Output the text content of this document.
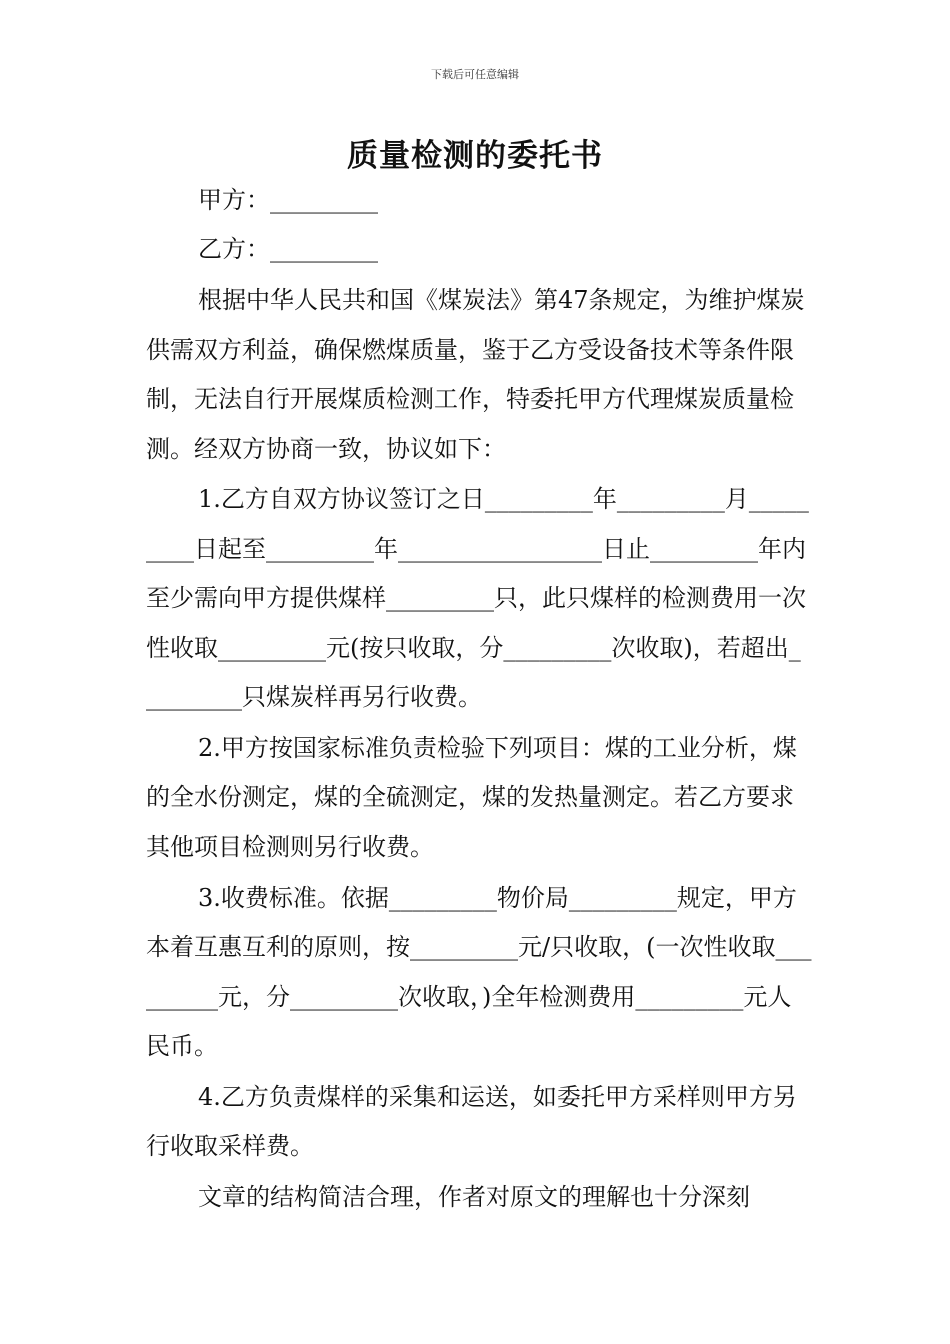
下载后可任意编辑
质量检测的委托书
甲方：_________
乙方：_________
根据中华人民共和国《煤炭法》第47条规定，为维护煤炭供需双方利益，确保燃煤质量，鉴于乙方受设备技术等条件限制，无法自行开展煤质检测工作，特委托甲方代理煤炭质量检测。经双方协商一致，协议如下：
1.乙方自双方协议签订之日_________年_________月_________日起至_________年_________________日止_________年内至少需向甲方提供煤样_________只，此只煤样的检测费用一次性收取_________元(按只收取，分_________次收取)，若超出_________只煤炭样再另行收费。
2.甲方按国家标准负责检验下列项目：煤的工业分析，煤的全水份测定，煤的全硫测定，煤的发热量测定。若乙方要求其他项目检测则另行收费。
3.收费标准。依据_________物价局_________规定，甲方本着互惠互利的原则，按_________元/只收取，(一次性收取_________元，分_________次收取，)全年检测费用_________元人民币。
4.乙方负责煤样的采集和运送，如委托甲方采样则甲方另行收取采样费。
文章的结构简洁合理，作者对原文的理解也十分深刻
